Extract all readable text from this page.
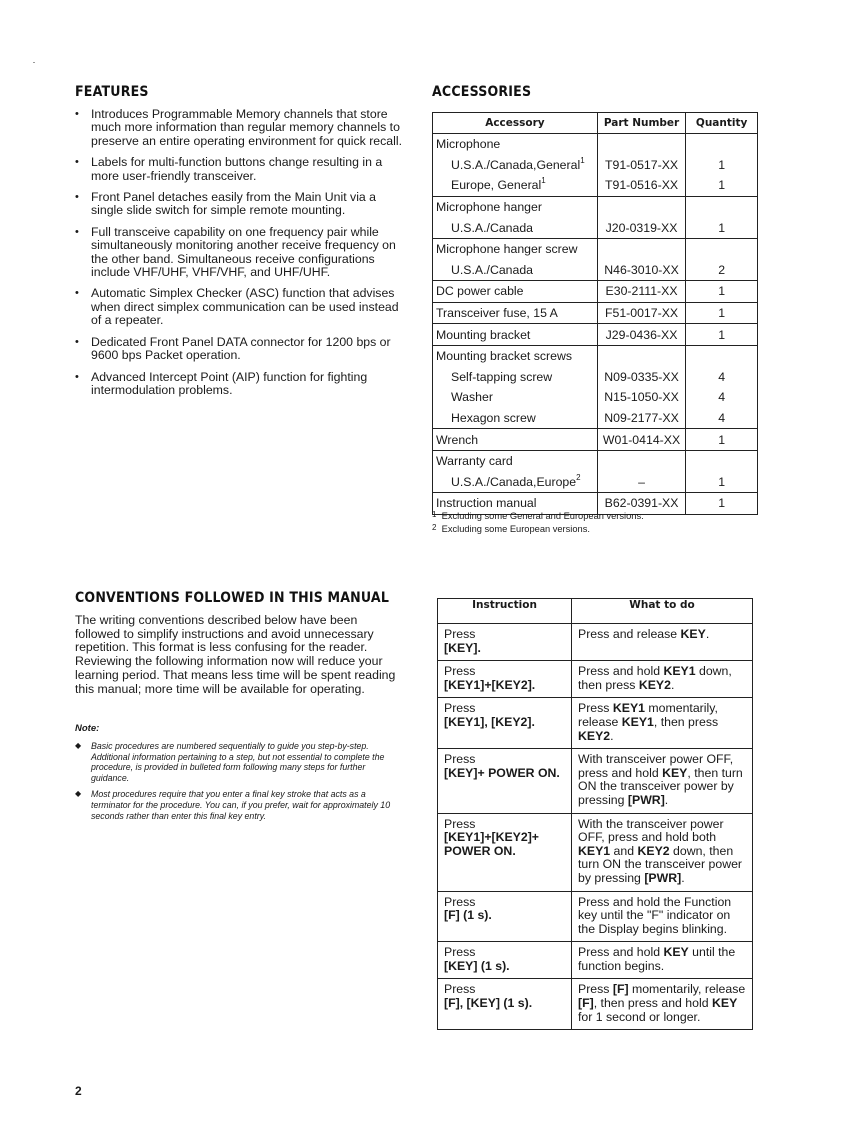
FEATURES
• Introduces Programmable Memory channels that store much more information than regular memory channels to preserve an entire operating environment for quick recall.
• Labels for multi-function buttons change resulting in a more user-friendly transceiver.
• Front Panel detaches easily from the Main Unit via a single slide switch for simple remote mounting.
• Full transceive capability on one frequency pair while simultaneously monitoring another receive frequency on the other band. Simultaneous receive configurations include VHF/UHF, VHF/VHF, and UHF/UHF.
• Automatic Simplex Checker (ASC) function that advises when direct simplex communication can be used instead of a repeater.
• Dedicated Front Panel DATA connector for 1200 bps or 9600 bps Packet operation.
• Advanced Intercept Point (AIP) function for fighting intermodulation problems.
ACCESSORIES
Accessory	Part Number	Quantity
Microphone		
U.S.A./Canada,General$^1$	T91-0517-XX	1
Europe, General$^1$	T91-0516-XX	1
Microphone hanger		
U.S.A./Canada	J20-0319-XX	1
Microphone hanger screw		
U.S.A./Canada	N46-3010-XX	2
DC power cable	E30-2111-XX	1
Transceiver fuse, 15 A	F51-0017-XX	1
Mounting bracket	J29-0436-XX	1
Mounting bracket screws		
Self-tapping screw	N09-0335-XX	4
Washer	N15-1050-XX	4
Hexagon screw	N09-2177-XX	4
Wrench	W01-0414-XX	1
Warranty card		
U.S.A./Canada,Europe$^2$	–	1
Instruction manual	B62-0391-XX	1
$^1$ Excluding some General and European versions.
$^2$ Excluding some European versions.
CONVENTIONS FOLLOWED IN THIS MANUAL
The writing conventions described below have been followed to simplify instructions and avoid unnecessary repetition. This format is less confusing for the reader. Reviewing the following information now will reduce your learning period. That means less time will be spent reading this manual; more time will be available for operating.
Note:
◆ Basic procedures are numbered sequentially to guide you step-by-step. Additional information pertaining to a step, but not essential to complete the procedure, is provided in bulleted form following many steps for further guidance.
◆ Most procedures require that you enter a final key stroke that acts as a terminator for the procedure. You can, if you prefer, wait for approximately 10 seconds rather than enter this final key entry.
Instruction	What to do

Press
[KEY].	Press and release KEY.

Press
[KEY1]+[KEY2].	Press and hold KEY1 down, then press KEY2.

Press
[KEY1], [KEY2].	Press KEY1 momentarily, release KEY1, then press KEY2.

Press
[KEY]+ POWER ON.	With transceiver power OFF, press and hold KEY, then turn ON the transceiver power by pressing [PWR].

Press
[KEY1]+[KEY2]+ POWER ON.	With the transceiver power OFF, press and hold both KEY1 and KEY2 down, then turn ON the transceiver power by pressing [PWR].

Press
[F] (1 s).	Press and hold the Function key until the "F" indicator on the Display begins blinking.

Press
[KEY] (1 s).	Press and hold KEY until the function begins.

Press
[F], [KEY] (1 s).	Press [F] momentarily, release [F], then press and hold KEY for 1 second or longer.
2
